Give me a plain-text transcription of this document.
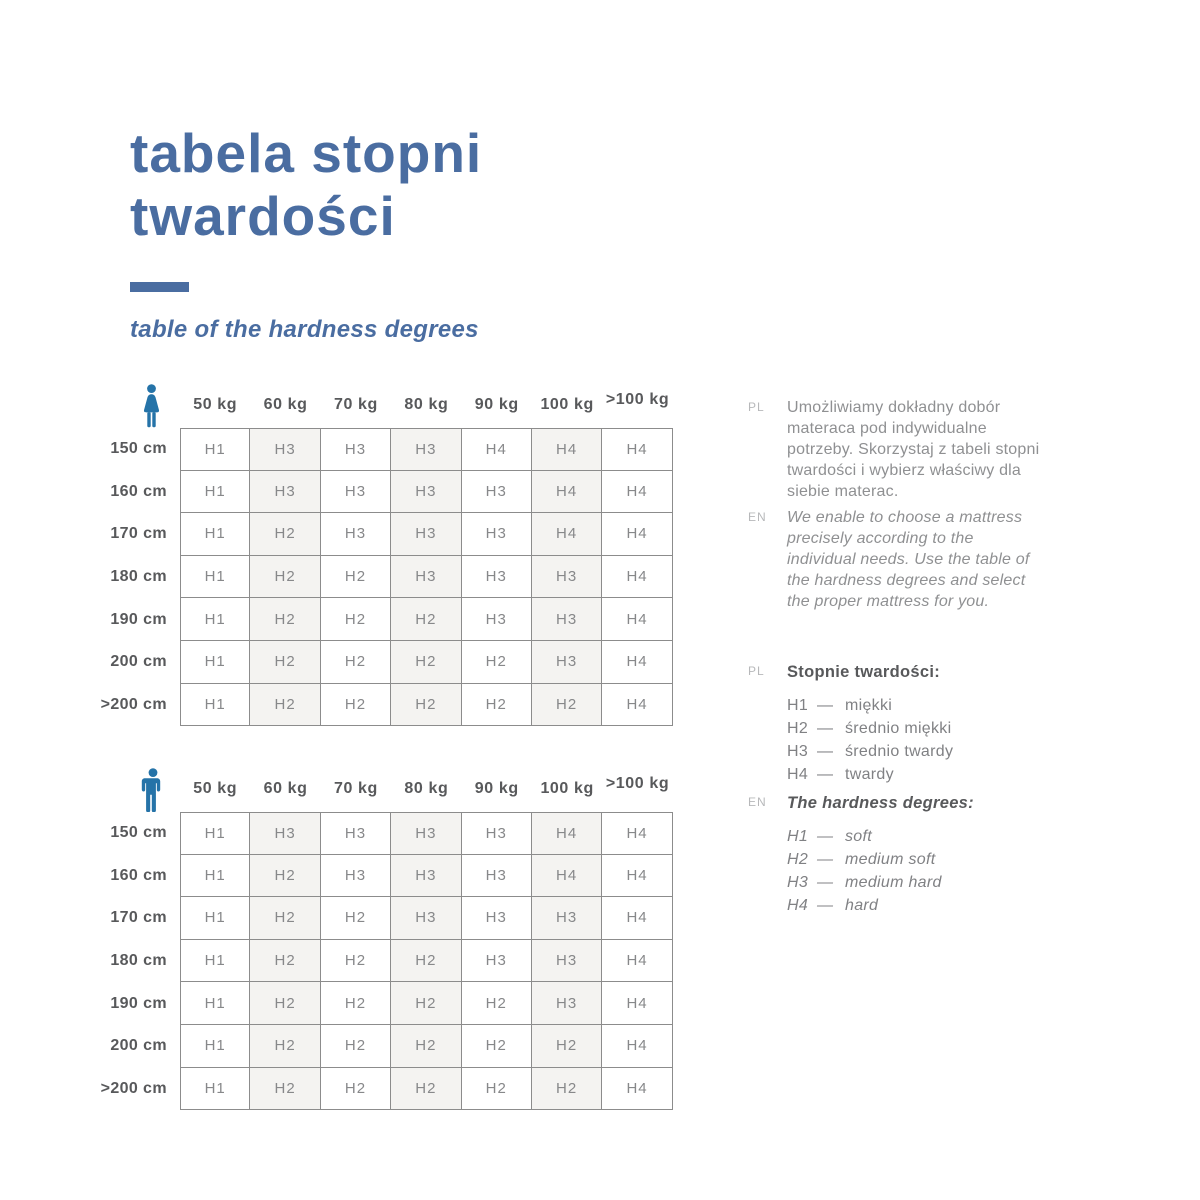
tabela stopni
twardości
table of the hardness degrees
50 kg	60 kg	70 kg	80 kg	90 kg	100 kg >100 kg
150 cm	H1	H3	H3	H3	H4	H4	H4
160 cm	H1	H3	H3	H3	H3	H4	H4
170 cm	H1	H2	H3	H3	H3	H4	H4
180 cm	H1	H2	H2	H3	H3	H3	H4
190 cm	H1	H2	H2	H2	H3	H3	H4
200 cm	H1	H2	H2	H2	H2	H3	H4
>200 cm	H1	H2	H2	H2	H2	H2	H4
50 kg	60 kg	70 kg	80 kg	90 kg	100 kg >100 kg
150 cm	H1	H3	H3	H3	H3	H4	H4
160 cm	H1	H2	H3	H3	H3	H4	H4
170 cm	H1	H2	H2	H3	H3	H3	H4
180 cm	H1	H2	H2	H2	H3	H3	H4
190 cm	H1	H2	H2	H2	H2	H3	H4
200 cm	H1	H2	H2	H2	H2	H2	H4
>200 cm	H1	H2	H2	H2	H2	H2	H4
PL	Umożliwiamy dokładny dobór materaca pod indywidualne potrzeby. Skorzystaj z tabeli stopni twardości i wybierz właściwy dla siebie materac.

EN	We enable to choose a mattress precisely according to the individual needs. Use the table of the hardness degrees and select the proper mattress for you.

PL	Stopnie twardości:
H1 — miękki
H2 — średnio miękki
H3 — średnio twardy
H4 — twardy
EN	The hardness degrees:
H1 — soft
H2 — medium soft
H3 — medium hard
H4 — hard
